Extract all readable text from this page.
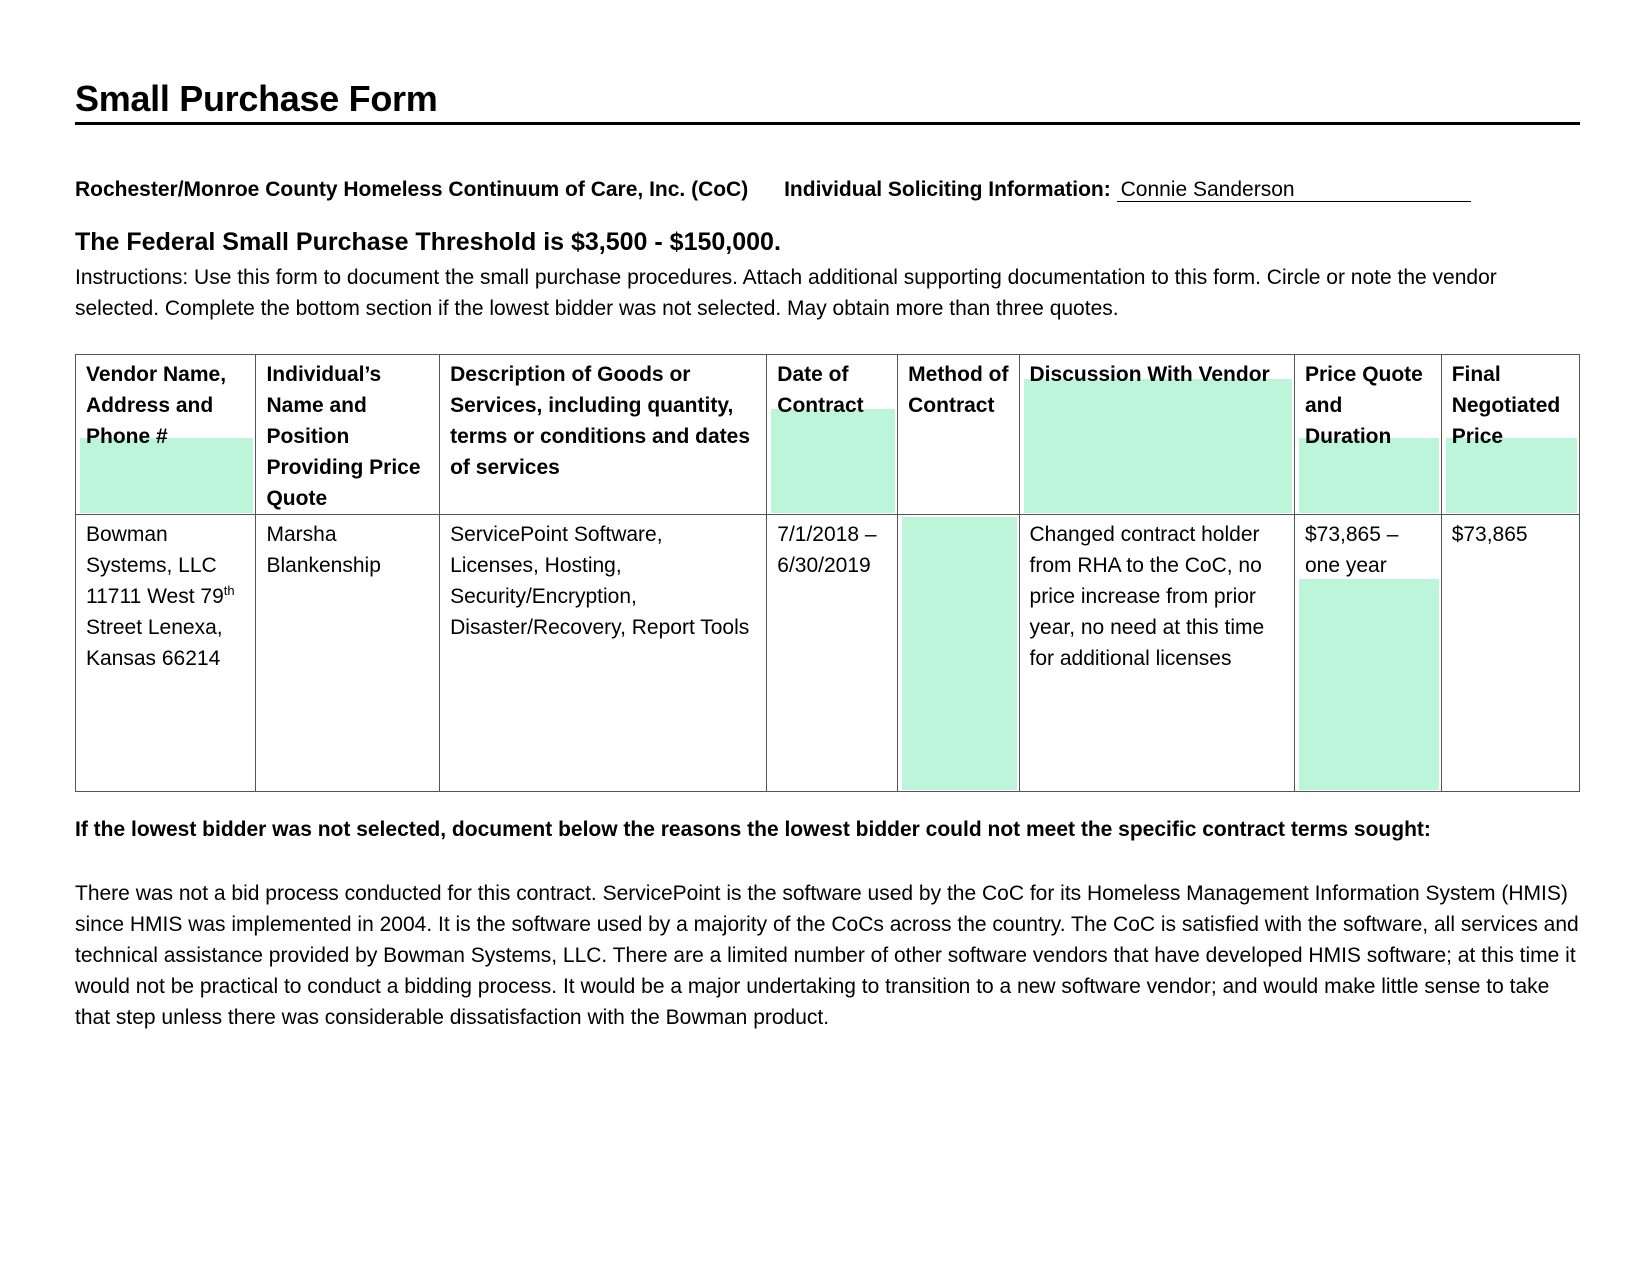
Small Purchase Form
Rochester/Monroe County Homeless Continuum of Care, Inc. (CoC) Individual Soliciting Information: Connie Sanderson
The Federal Small Purchase Threshold is $3,500 - $150,000.
Instructions: Use this form to document the small purchase procedures. Attach additional supporting documentation to this form. Circle or note the vendor selected. Complete the bottom section if the lowest bidder was not selected. May obtain more than three quotes.
Vendor Name, Address and Phone #	Individual’s Name and Position Providing Price Quote	Description of Goods or Services, including quantity, terms or conditions and dates of services	Date of Contract	Method of Contract	Discussion With Vendor	Price Quote and Duration	Final Negotiated Price
Bowman Systems, LLC 11711 West 79th Street Lenexa, Kansas 66214	Marsha Blankenship	ServicePoint Software, Licenses, Hosting, Security/Encryption, Disaster/Recovery, Report Tools	7/1/2018 – 6/30/2019		Changed contract holder from RHA to the CoC, no price increase from prior year, no need at this time for additional licenses	$73,865 – one year	$73,865
If the lowest bidder was not selected, document below the reasons the lowest bidder could not meet the specific contract terms sought:
There was not a bid process conducted for this contract. ServicePoint is the software used by the CoC for its Homeless Management Information System (HMIS) since HMIS was implemented in 2004. It is the software used by a majority of the CoCs across the country. The CoC is satisfied with the software, all services and technical assistance provided by Bowman Systems, LLC. There are a limited number of other software vendors that have developed HMIS software; at this time it would not be practical to conduct a bidding process. It would be a major undertaking to transition to a new software vendor; and would make little sense to take that step unless there was considerable dissatisfaction with the Bowman product.
